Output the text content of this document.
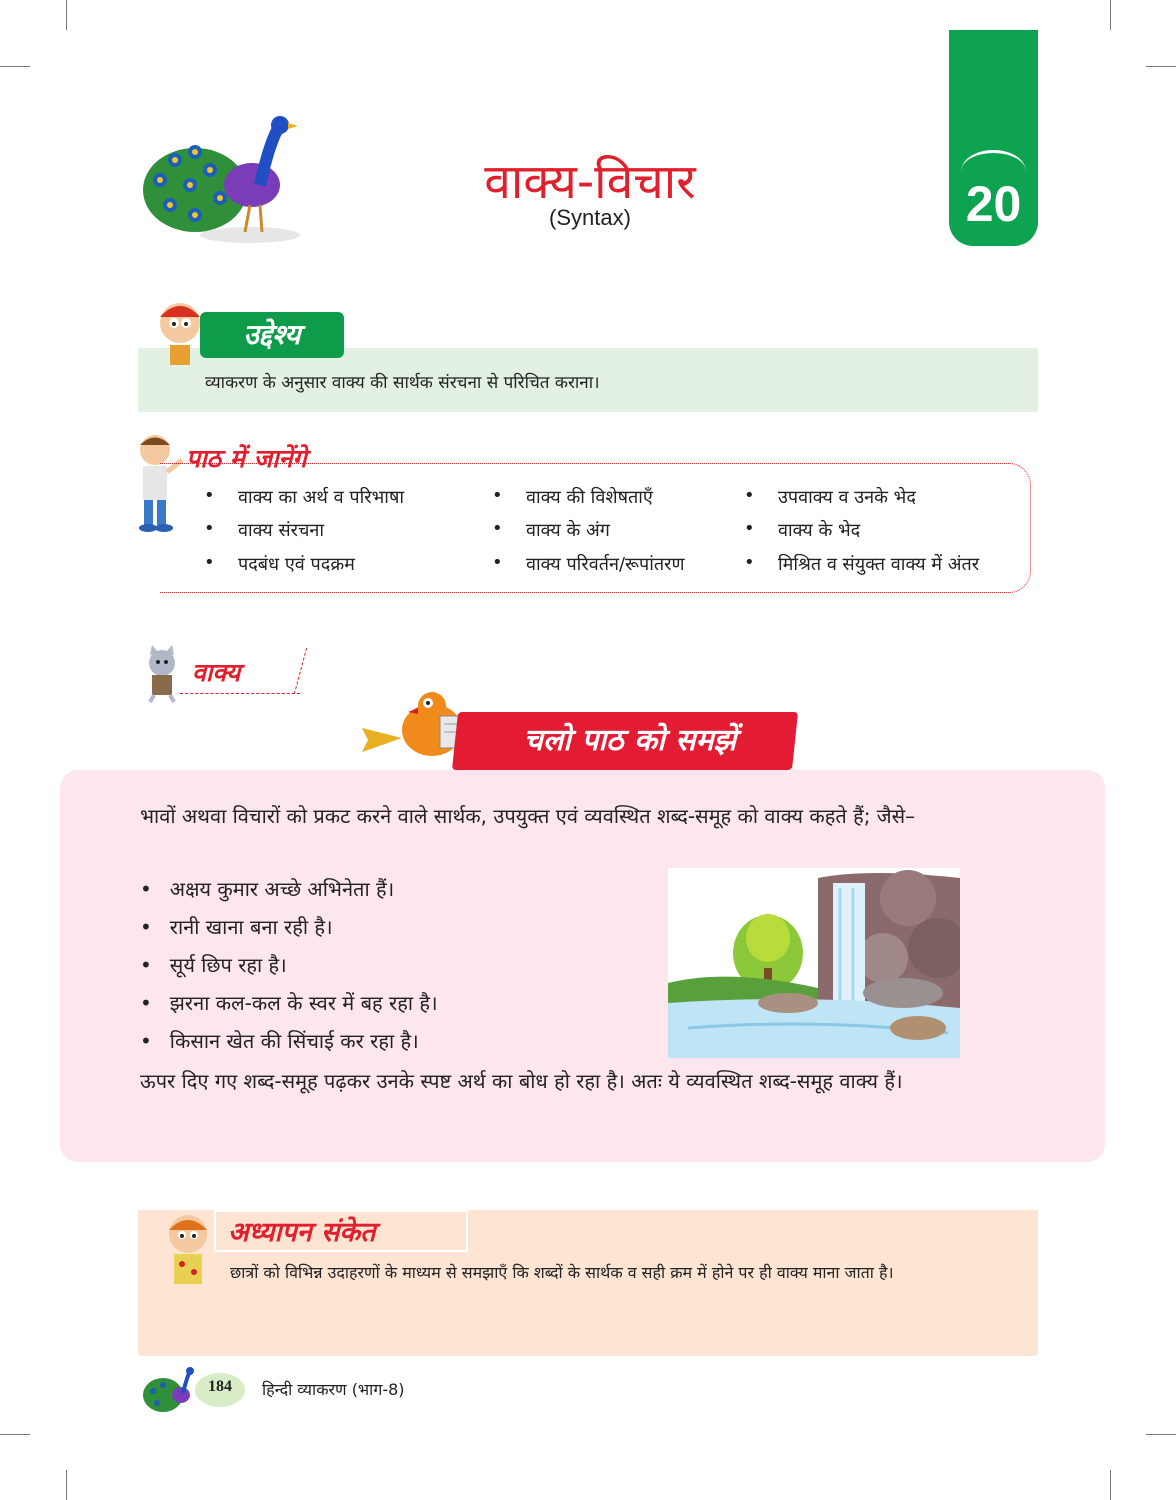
वाक्य-विचार
(Syntax)	20
उद्देश्य
व्याकरण के अनुसार वाक्य की सार्थक संरचना से परिचित कराना।
पाठ में जानेंगे
• वाक्य का अर्थ व परिभाषा	• वाक्य की विशेषताएँ	• उपवाक्य व उनके भेद
• वाक्य संरचना	• वाक्य के अंग	• वाक्य के भेद
• पदबंध एवं पदक्रम	• वाक्य परिवर्तन/रूपांतरण	• मिश्रित व संयुक्त वाक्य में अंतर
वाक्य
चलो पाठ को समझें
भावों अथवा विचारों को प्रकट करने वाले सार्थक, उपयुक्त एवं व्यवस्थित शब्द-समूह को वाक्य कहते हैं; जैसे–
• अक्षय कुमार अच्छे अभिनेता हैं।
• रानी खाना बना रही है।
• सूर्य छिप रहा है।
• झरना कल-कल के स्वर में बह रहा है।
• किसान खेत की सिंचाई कर रहा है।
ऊपर दिए गए शब्द-समूह पढ़कर उनके स्पष्ट अर्थ का बोध हो रहा है। अतः ये व्यवस्थित शब्द-समूह वाक्य हैं।
अध्यापन संकेत
छात्रों को विभिन्न उदाहरणों के माध्यम से समझाएँ कि शब्दों के सार्थक व सही क्रम में होने पर ही वाक्य माना जाता है।
184	हिन्दी व्याकरण (भाग-8)
